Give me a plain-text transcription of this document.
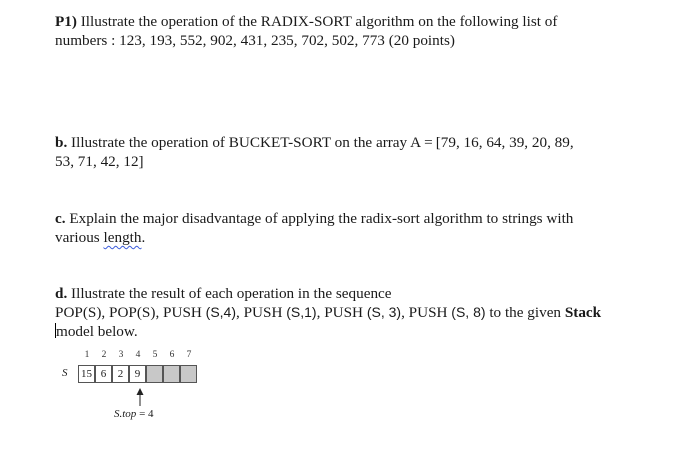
P1) Illustrate the operation of the RADIX-SORT algorithm on the following list of
numbers : 123, 193, 552, 902, 431, 235, 702, 502, 773 (20 points)
b. Illustrate the operation of BUCKET-SORT on the array A = [79, 16, 64, 39, 20, 89,
53, 71, 42, 12]
c. Explain the major disadvantage of applying the radix-sort algorithm to strings with
various length.
d. Illustrate the result of each operation in the sequence
POP(S), POP(S), PUSH (S,4), PUSH (S,1), PUSH (S, 3), PUSH (S, 8) to the given Stack
model below.
1	2	3	4	5	6	7
S 15 6	2	9
S.top = 4
